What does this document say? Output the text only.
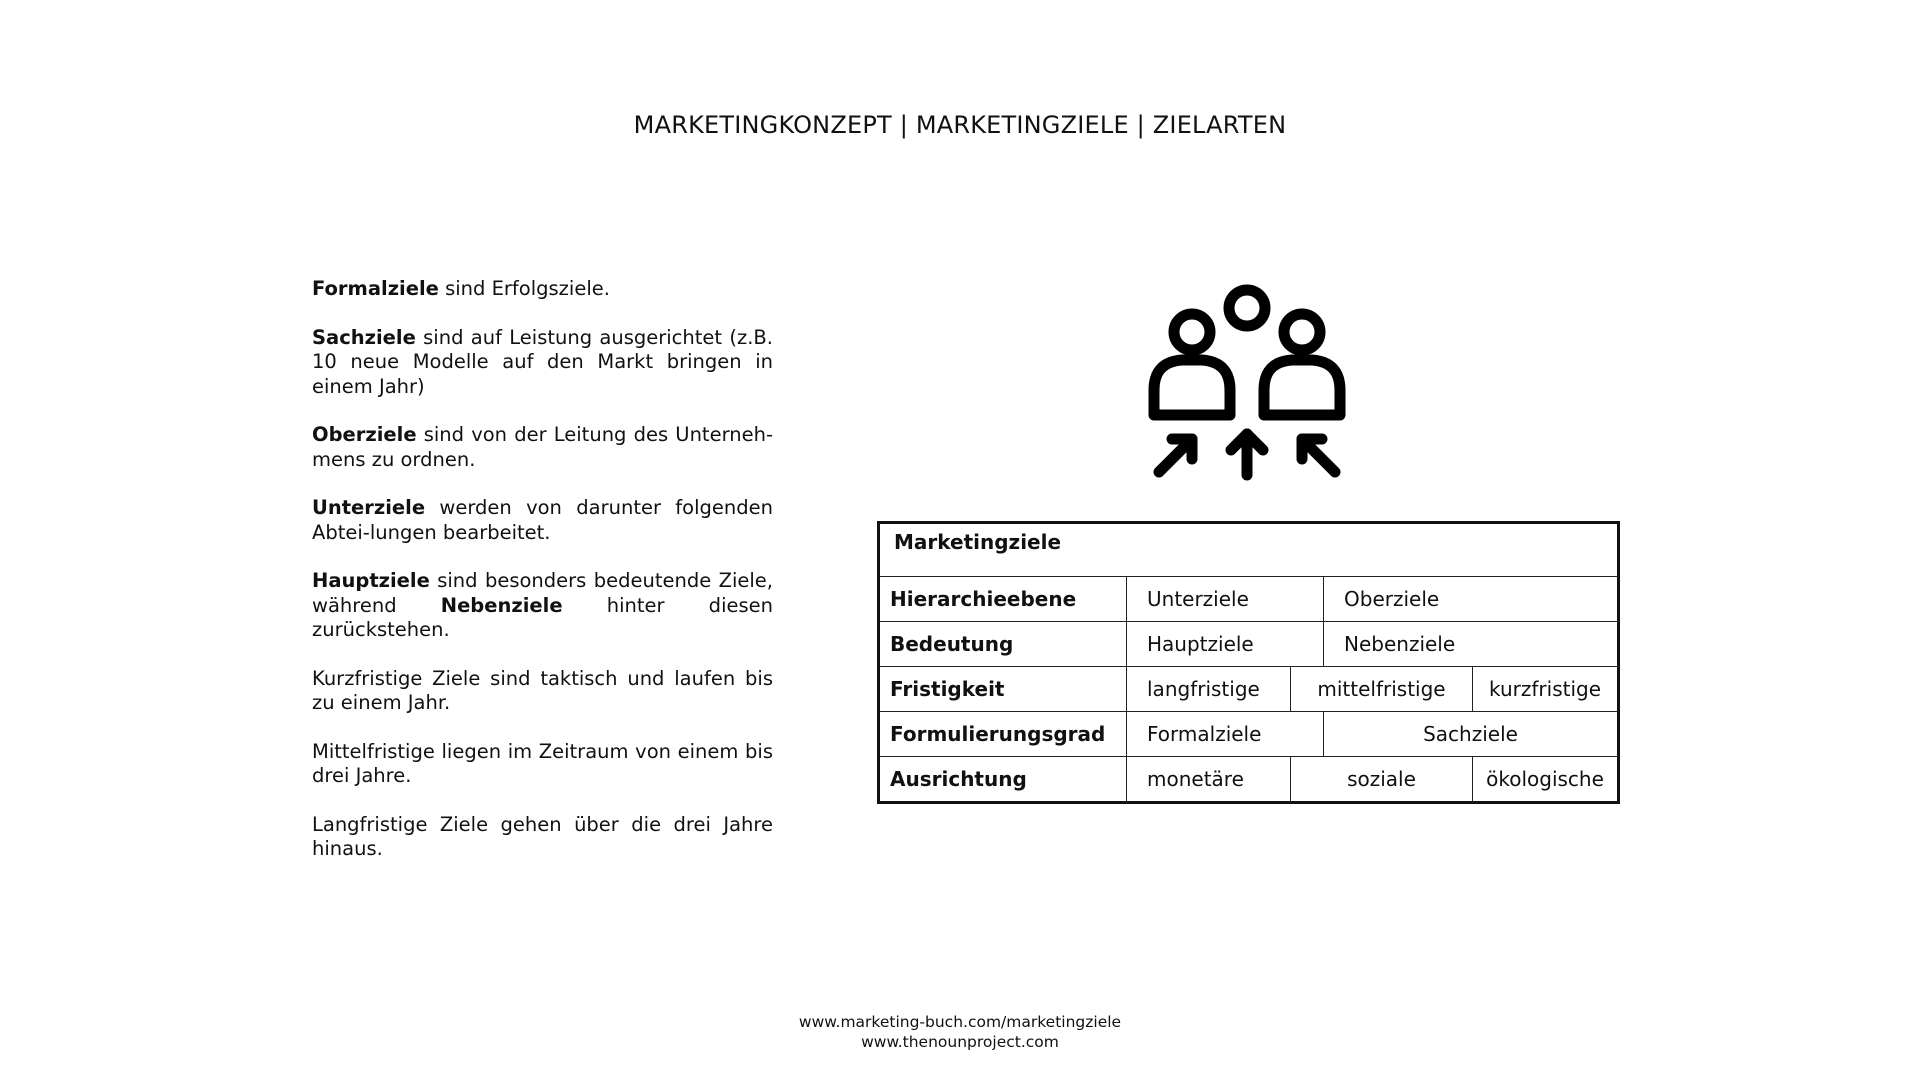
MARKETINGKONZEPT | MARKETINGZIELE | ZIELARTEN

Formalziele sind Erfolgsziele.

Sachziele sind auf Leistung ausgerichtet (z.B. 10 neue Modelle auf den Markt bringen in einem Jahr)

Oberziele sind von der Leitung des Unterneh-mens zu ordnen.

Unterziele werden von darunter folgenden Abtei-lungen bearbeitet.

Hauptziele sind besonders bedeutende Ziele, während Nebenziele hinter diesen zurückstehen.

Kurzfristige Ziele sind taktisch und laufen bis zu einem Jahr.

Mittelfristige liegen im Zeitraum von einem bis drei Jahre.

Langfristige Ziele gehen über die drei Jahre hinaus.

Marketingziele				
Hierarchieebene	Unterziele		Oberziele	
Bedeutung	Hauptziele		Nebenziele	
Fristigkeit	langfristige	mittelfristige		kurzfristige
Formulierungsgrad	Formalziele		Sachziele	
Ausrichtung	monetäre	soziale		ökologische
www.marketing-buch.com/marketingziele
www.thenounproject.com
